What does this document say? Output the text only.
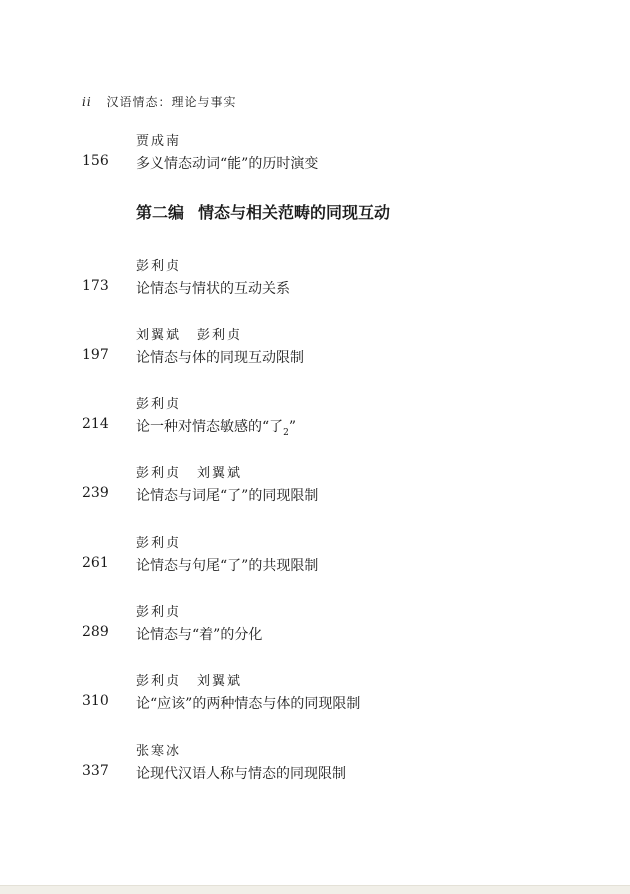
ii 汉语情态：理论与事实
贾成南
156 多义情态动词“能”的历时演变
第二编 情态与相关范畴的同现互动
彭利贞
173 论情态与情状的互动关系
刘翼斌 彭利贞
197 论情态与体的同现互动限制
彭利贞
214 论一种对情态敏感的“了$_2$”
彭利贞 刘翼斌
239 论情态与词尾“了”的同现限制
彭利贞
261 论情态与句尾“了”的共现限制
彭利贞
289 论情态与“着”的分化
彭利贞 刘翼斌
310 论“应该”的两种情态与体的同现限制
张寒冰
337 论现代汉语人称与情态的同现限制
